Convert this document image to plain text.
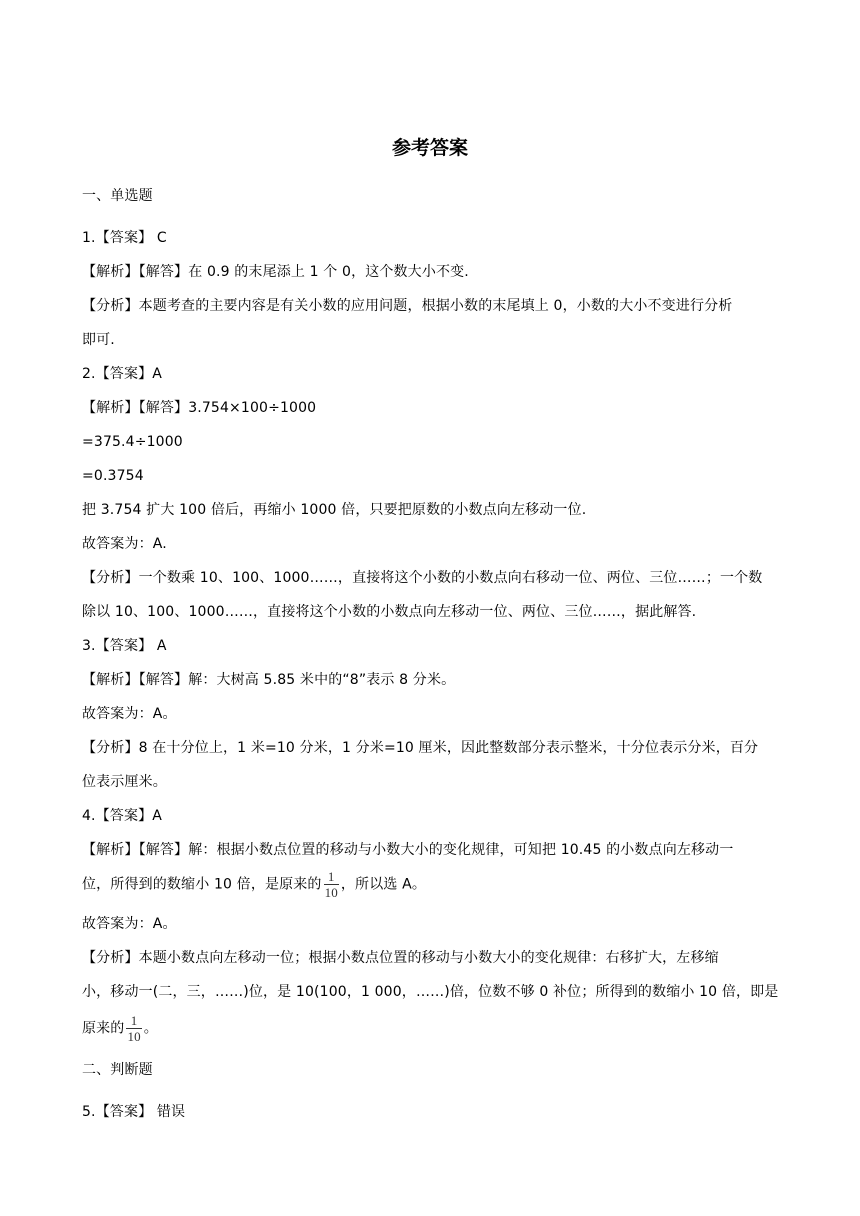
参考答案
一、单选题
1.【答案】 C
【解析】【解答】在 0.9 的末尾添上 1 个 0，这个数大小不变.
【分析】本题考查的主要内容是有关小数的应用问题，根据小数的末尾填上 0，小数的大小不变进行分析
即可.
2.【答案】A
【解析】【解答】3.754×100÷1000
=375.4÷1000
=0.3754
把 3.754 扩大 100 倍后，再缩小 1000 倍，只要把原数的小数点向左移动一位.
故答案为：A.
【分析】一个数乘 10、100、1000……，直接将这个小数的小数点向右移动一位、两位、三位……；一个数
除以 10、100、1000……，直接将这个小数的小数点向左移动一位、两位、三位……，据此解答.
3.【答案】 A
【解析】【解答】解：大树高 5.85 米中的“8”表示 8 分米。
故答案为：A。
【分析】8 在十分位上，1 米=10 分米，1 分米=10 厘米，因此整数部分表示整米，十分位表示分米，百分
位表示厘米。
4.【答案】A
【解析】【解答】解：根据小数点位置的移动与小数大小的变化规律，可知把 10.45 的小数点向左移动一
位，所得到的数缩小 10 倍，是原来的 $\frac{1}{10}$ ，所以选 A。
故答案为：A。
【分析】本题小数点向左移动一位；根据小数点位置的移动与小数大小的变化规律：右移扩大，左移缩
小，移动一(二，三，……)位，是 10(100，1 000，……)倍，位数不够 0 补位；所得到的数缩小 10 倍，即是
原来的 $\frac{1}{10}$ 。
二、判断题
5.【答案】 错误
